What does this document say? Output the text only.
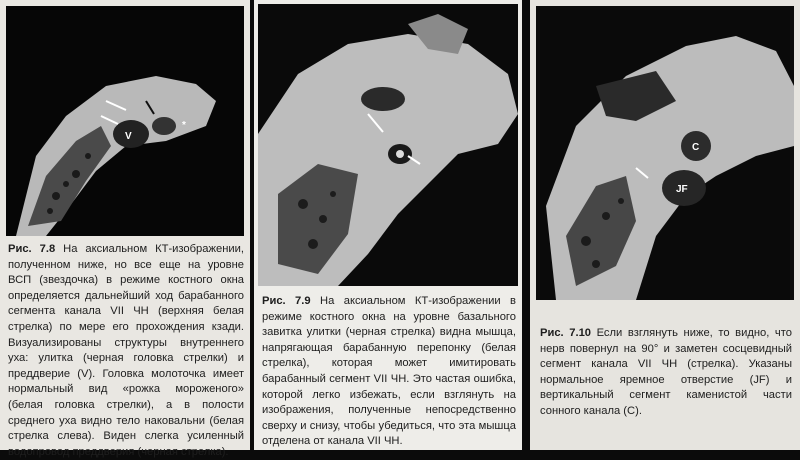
V
*
Рис. 7.8 На аксиальном КТ-изображении, полученном ниже, но все еще на уровне ВСП (звездочка) в режиме костного окна определяется дальнейший ход барабанного сегмента канала VII ЧН (верхняя белая стрелка) по мере его прохождения кзади. Визуализированы структуры внутреннего уха: улитка (черная головка стрелки) и преддверие (V). Головка молоточка имеет нормальный вид «рожка мороженого» (белая головка стрелки), а в полости среднего уха видно тело наковальни (белая стрелка слева). Виден слегка усиленный водопровод преддверия (черная стрелка).
Рис. 7.9 На аксиальном КТ-изображении в режиме костного окна на уровне базального завитка улитки (черная стрелка) видна мышца, напрягающая барабанную перепонку (белая стрелка), которая может имитировать барабанный сегмент VII ЧН. Это частая ошибка, которой легко избежать, если взглянуть на изображения, полученные непосредственно сверху и снизу, чтобы убедиться, что эта мышца отделена от канала VII ЧН.
C
JF
Рис. 7.10 Если взглянуть ниже, то видно, что нерв повернул на 90° и заметен сосцевидный сегмент канала VII ЧН (стрелка). Указаны нормальное яремное отверстие (JF) и вертикальный сегмент каменистой части сонного канала (C).
